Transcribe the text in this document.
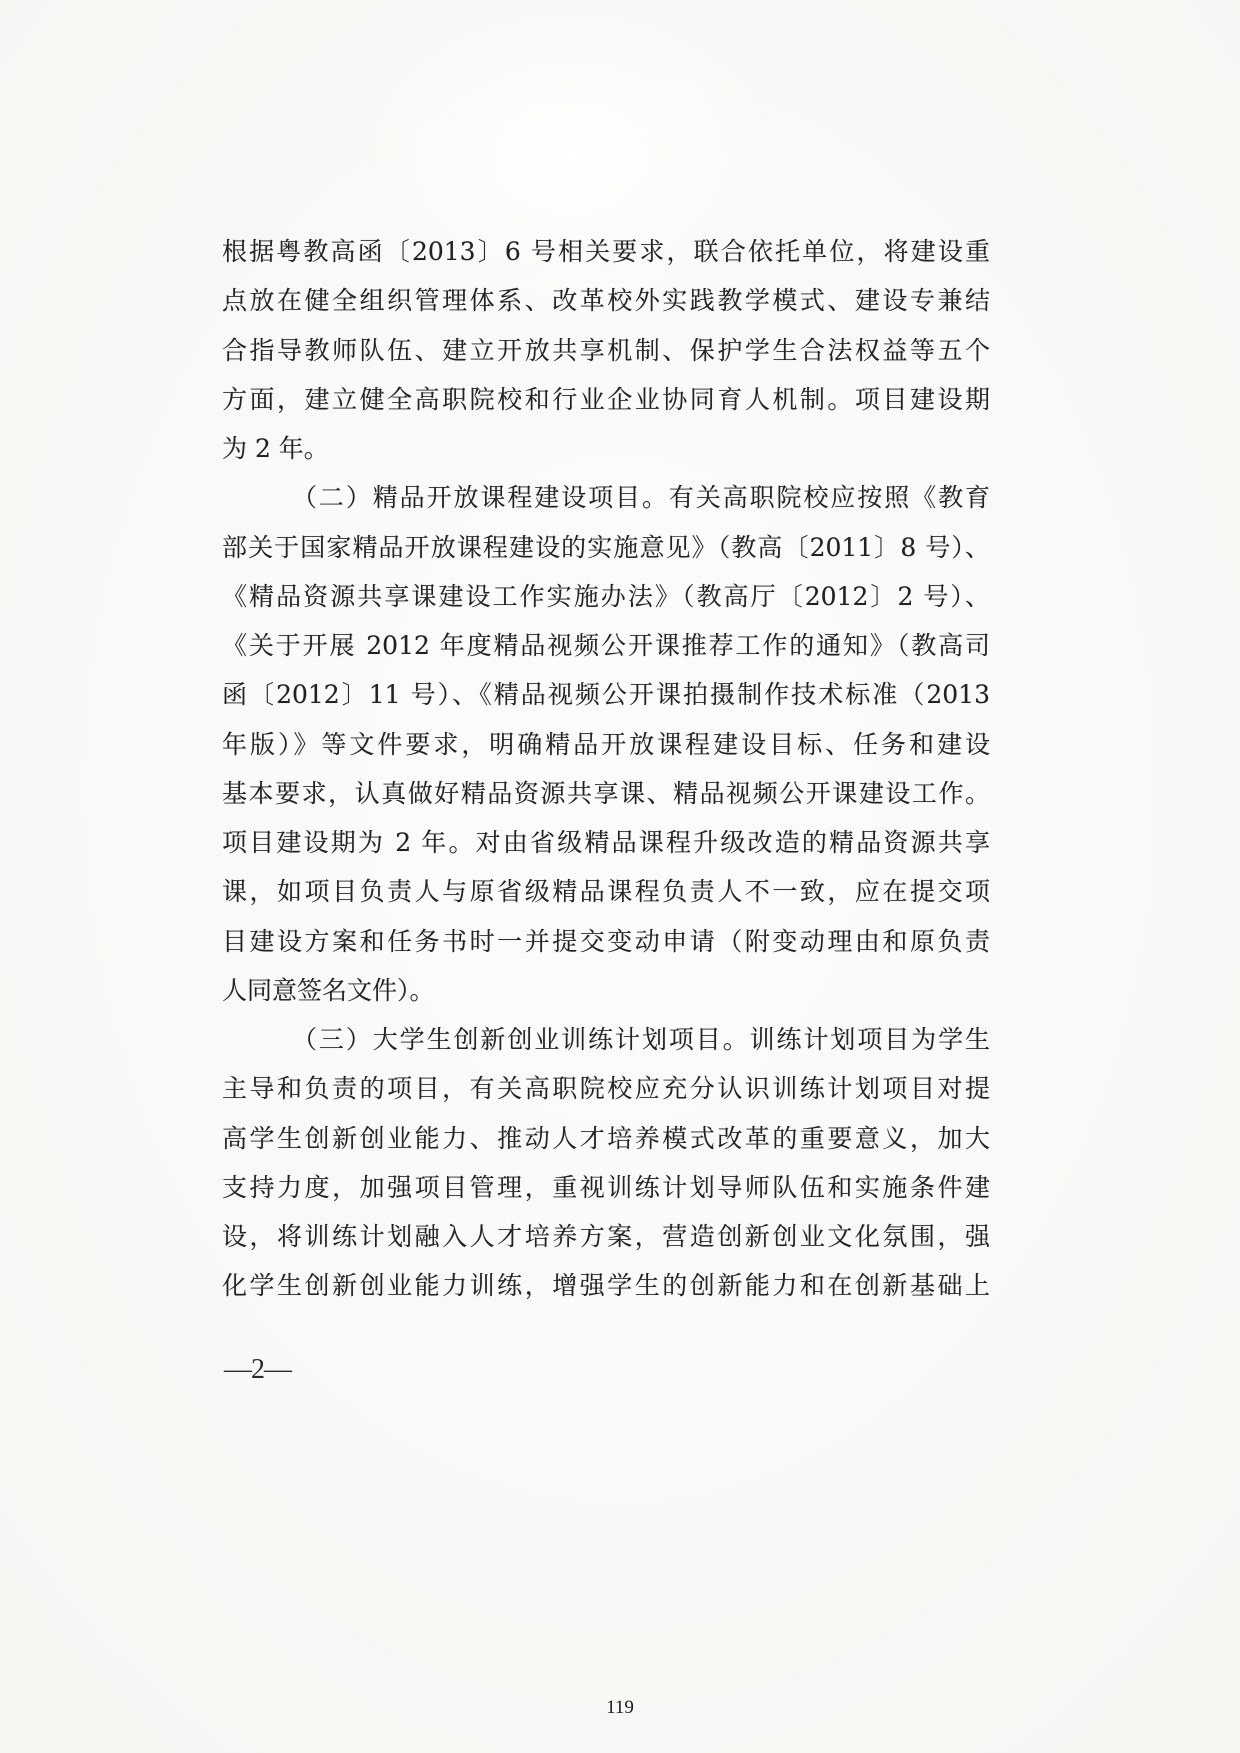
根据粤教高函〔2013〕6 号相关要求，联合依托单位，将建设重
点放在健全组织管理体系、改革校外实践教学模式、建设专兼结
合指导教师队伍、建立开放共享机制、保护学生合法权益等五个
方面，建立健全高职院校和行业企业协同育人机制。项目建设期
为 2 年。
（二）精品开放课程建设项目。有关高职院校应按照《教育
部关于国家精品开放课程建设的实施意见》（教高〔2011〕8 号）、
《精品资源共享课建设工作实施办法》（教高厅〔2012〕2 号）、
《关于开展 2012 年度精品视频公开课推荐工作的通知》（教高司
函〔2012〕11 号）、《精品视频公开课拍摄制作技术标准（2013
年版）》等文件要求，明确精品开放课程建设目标、任务和建设
基本要求，认真做好精品资源共享课、精品视频公开课建设工作。
项目建设期为 2 年。对由省级精品课程升级改造的精品资源共享
课，如项目负责人与原省级精品课程负责人不一致，应在提交项
目建设方案和任务书时一并提交变动申请（附变动理由和原负责
人同意签名文件）。
（三）大学生创新创业训练计划项目。训练计划项目为学生
主导和负责的项目，有关高职院校应充分认识训练计划项目对提
高学生创新创业能力、推动人才培养模式改革的重要意义，加大
支持力度，加强项目管理，重视训练计划导师队伍和实施条件建
设，将训练计划融入人才培养方案，营造创新创业文化氛围，强
化学生创新创业能力训练，增强学生的创新能力和在创新基础上
—2—
119
